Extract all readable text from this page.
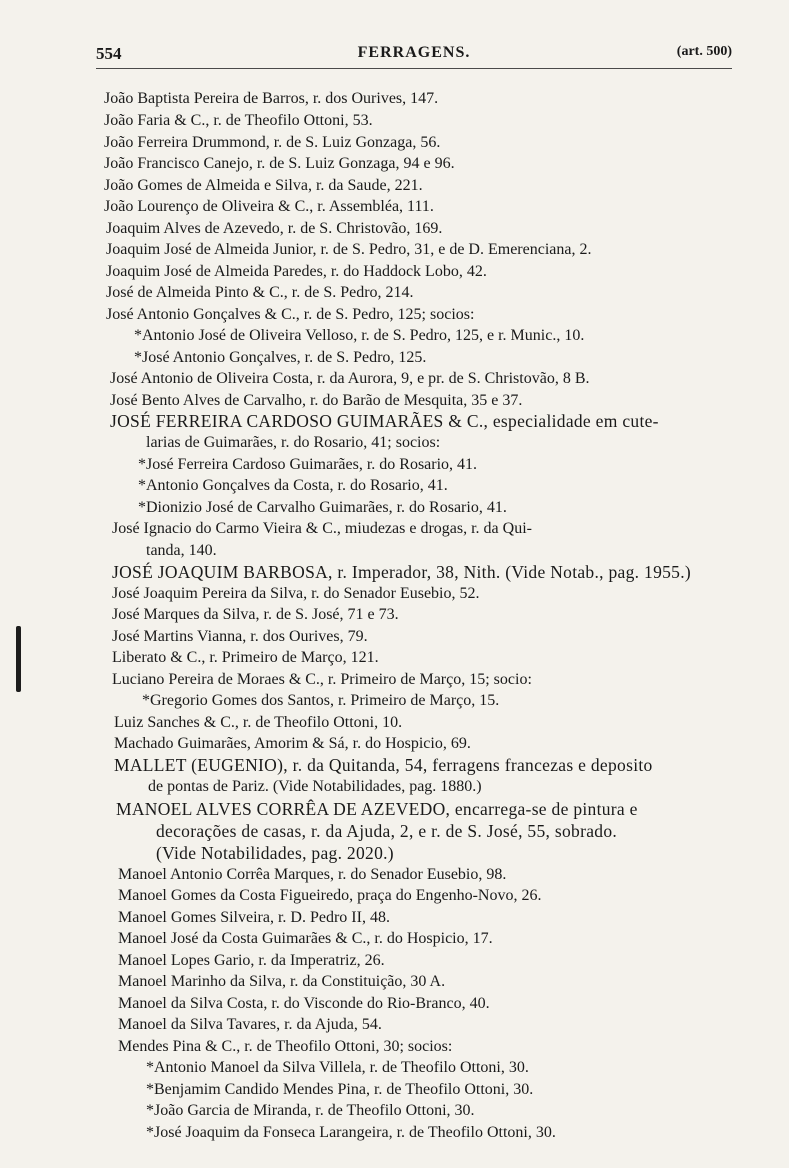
554	FERRAGENS.	(art. 500)
João Baptista Pereira de Barros, r. dos Ourives, 147.
João Faria & C., r. de Theofilo Ottoni, 53.
João Ferreira Drummond, r. de S. Luiz Gonzaga, 56.
João Francisco Canejo, r. de S. Luiz Gonzaga, 94 e 96.
João Gomes de Almeida e Silva, r. da Saude, 221.
João Lourenço de Oliveira & C., r. Assembléa, 111.
Joaquim Alves de Azevedo, r. de S. Christovão, 169.
Joaquim José de Almeida Junior, r. de S. Pedro, 31, e de D. Emerenciana, 2.
Joaquim José de Almeida Paredes, r. do Haddock Lobo, 42.
José de Almeida Pinto & C., r. de S. Pedro, 214.
José Antonio Gonçalves & C., r. de S. Pedro, 125; socios:
*Antonio José de Oliveira Velloso, r. de S. Pedro, 125, e r. Munic., 10.
*José Antonio Gonçalves, r. de S. Pedro, 125.
José Antonio de Oliveira Costa, r. da Aurora, 9, e pr. de S. Christovão, 8 B.
José Bento Alves de Carvalho, r. do Barão de Mesquita, 35 e 37.
JOSÉ FERREIRA CARDOSO GUIMARÃES & C., especialidade em cute-
larias de Guimarães, r. do Rosario, 41; socios:
*José Ferreira Cardoso Guimarães, r. do Rosario, 41.
*Antonio Gonçalves da Costa, r. do Rosario, 41.
*Dionizio José de Carvalho Guimarães, r. do Rosario, 41.
José Ignacio do Carmo Vieira & C., miudezas e drogas, r. da Qui-
tanda, 140.
JOSÉ JOAQUIM BARBOSA, r. Imperador, 38, Nith. (Vide Notab., pag. 1955.)
José Joaquim Pereira da Silva, r. do Senador Eusebio, 52.
José Marques da Silva, r. de S. José, 71 e 73.
José Martins Vianna, r. dos Ourives, 79.
Liberato & C., r. Primeiro de Março, 121.
Luciano Pereira de Moraes & C., r. Primeiro de Março, 15; socio:
*Gregorio Gomes dos Santos, r. Primeiro de Março, 15.
Luiz Sanches & C., r. de Theofilo Ottoni, 10.
Machado Guimarães, Amorim & Sá, r. do Hospicio, 69.
MALLET (EUGENIO), r. da Quitanda, 54, ferragens francezas e deposito
de pontas de Pariz. (Vide Notabilidades, pag. 1880.)
MANOEL ALVES CORRÊA DE AZEVEDO, encarrega-se de pintura e
decorações de casas, r. da Ajuda, 2, e r. de S. José, 55, sobrado.
(Vide Notabilidades, pag. 2020.)
Manoel Antonio Corrêa Marques, r. do Senador Eusebio, 98.
Manoel Gomes da Costa Figueiredo, praça do Engenho-Novo, 26.
Manoel Gomes Silveira, r. D. Pedro II, 48.
Manoel José da Costa Guimarães & C., r. do Hospicio, 17.
Manoel Lopes Gario, r. da Imperatriz, 26.
Manoel Marinho da Silva, r. da Constituição, 30 A.
Manoel da Silva Costa, r. do Visconde do Rio-Branco, 40.
Manoel da Silva Tavares, r. da Ajuda, 54.
Mendes Pina & C., r. de Theofilo Ottoni, 30; socios:
*Antonio Manoel da Silva Villela, r. de Theofilo Ottoni, 30.
*Benjamim Candido Mendes Pina, r. de Theofilo Ottoni, 30.
*João Garcia de Miranda, r. de Theofilo Ottoni, 30.
*José Joaquim da Fonseca Larangeira, r. de Theofilo Ottoni, 30.
